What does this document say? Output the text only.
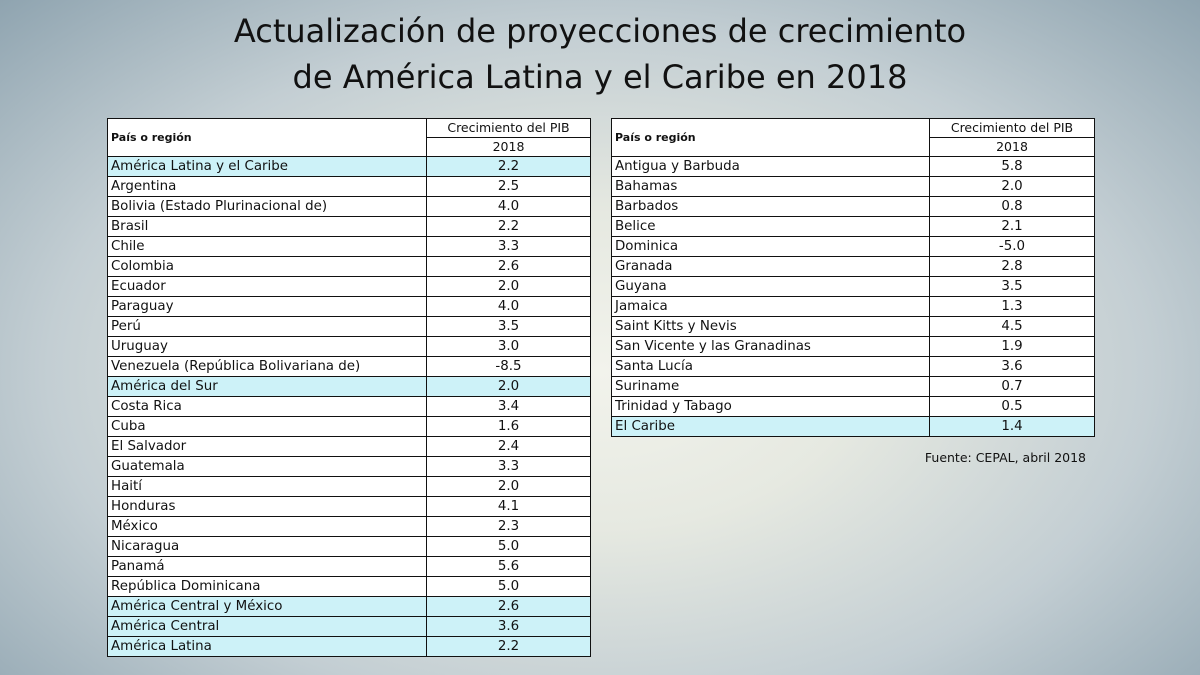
Actualización de proyecciones de crecimiento
de América Latina y el Caribe en 2018
País o región	Crecimiento del PIB
	2018
América Latina y el Caribe	2.2
Argentina	2.5
Bolivia (Estado Plurinacional de)	4.0
Brasil	2.2
Chile	3.3
Colombia	2.6
Ecuador	2.0
Paraguay	4.0
Perú	3.5
Uruguay	3.0
Venezuela (República Bolivariana de)	-8.5
América del Sur	2.0
Costa Rica	3.4
Cuba	1.6
El Salvador	2.4
Guatemala	3.3
Haití	2.0
Honduras	4.1
México	2.3
Nicaragua	5.0
Panamá	5.6
República Dominicana	5.0
América Central y México	2.6
América Central	3.6
América Latina	2.2
País o región	Crecimiento del PIB
	2018
Antigua y Barbuda	5.8
Bahamas	2.0
Barbados	0.8
Belice	2.1
Dominica	-5.0
Granada	2.8
Guyana	3.5
Jamaica	1.3
Saint Kitts y Nevis	4.5
San Vicente y las Granadinas	1.9
Santa Lucía	3.6
Suriname	0.7
Trinidad y Tabago	0.5
El Caribe	1.4
Fuente: CEPAL, abril 2018
